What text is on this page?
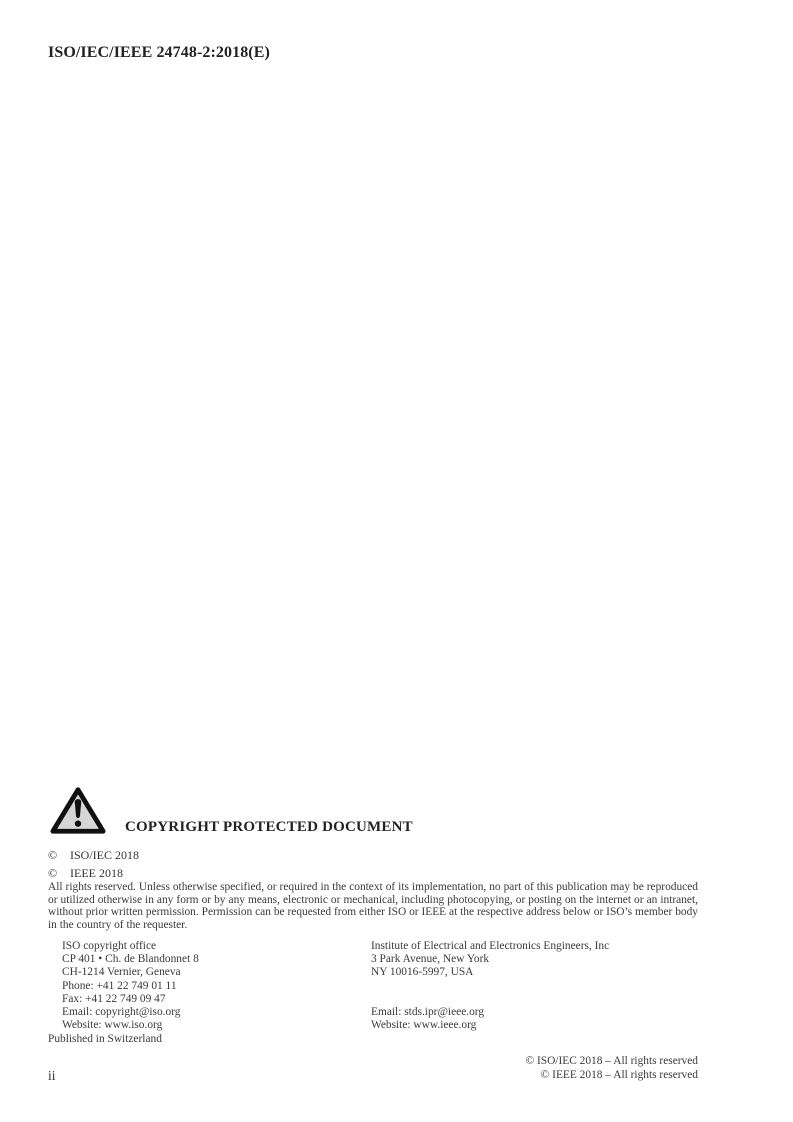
ISO/IEC/IEEE 24748-2:2018(E)
COPYRIGHT PROTECTED DOCUMENT
©	ISO/IEC 2018
©	IEEE 2018
All rights reserved. Unless otherwise specified, or required in the context of its implementation, no part of this publication may be reproduced or utilized otherwise in any form or by any means, electronic or mechanical, including photocopying, or posting on the internet or an intranet, without prior written permission. Permission can be requested from either ISO or IEEE at the respective address below or ISO’s member body in the country of the requester.
ISO copyright office
CP 401 • Ch. de Blandonnet 8
CH-1214 Vernier, Geneva
Phone: +41 22 749 01 11
Fax: +41 22 749 09 47
Email: copyright@iso.org
Website: www.iso.org
Institute of Electrical and Electronics Engineers, Inc
3 Park Avenue, New York
NY 10016-5997, USA
Email: stds.ipr@ieee.org
Website: www.ieee.org
Published in Switzerland
© ISO/IEC 2018 – All rights reserved
© IEEE 2018 – All rights reserved
ii
